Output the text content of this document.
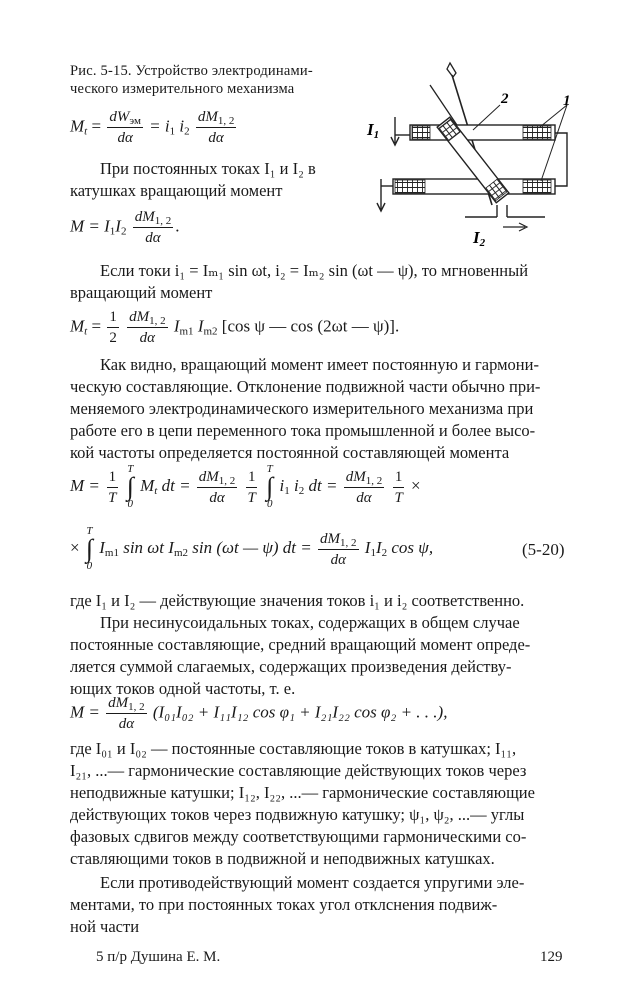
Рис. 5-15. Устройство электродинами-
ческого измерительного механизма
$M_t = \frac{dW_{эм}}{d\alpha} = i_1$ $i_2 \frac{dM_{1, 2}}{d\alpha}$
При постоянных токах I₁ и I₂ в
катушках вращающий момент
$M = I_1I_2 \frac{dM_{1, 2}}{d\alpha}$ .
Если токи i₁ = Iₘ₁ sin ωt, i₂ = Iₘ₂ sin (ωt — ψ), то мгновенный
вращающий момент
$M_t = \frac{1}{2}$
$\frac{dM_{1, 2}}{d\alpha} I_{m1}$ $I_{m2}$ [cos ψ — cos (2ωt — ψ)].
Как видно, вращающий момент имеет постоянную и гармони-
ческую составляющие. Отклонение подвижной части обычно при-
меняемого электродинамического измерительного механизма при
работе его в цепи переменного тока промышленной и более высо-
кой частоты определяется постоянной составляющей момента
$M = \frac{1}{T}$
T
∫
0
$M_t$ dt = $\frac{dM_{1, 2}}{d\alpha}$
$\frac{1}{T}$
T
∫
0
$i_1$ $i_2$ dt = $\frac{dM_{1, 2}}{d\alpha}$
$\frac{1}{T}$ ×
×
T
∫
0
$I_{m1}$ sin ωt $I_{m2}$ sin (ωt — ψ) dt = $\frac{dM_{1, 2}}{d\alpha} I_1I_2$ cos ψ,	(5-20)
где I₁ и I₂ — действующие значения токов i₁ и i₂ соответственно.
При несинусоидальных токах, содержащих в общем случае
постоянные составляющие, средний вращающий момент опреде-
ляется суммой слагаемых, содержащих произведения действу-
ющих токов одной частоты, т. е.
$M = \frac{dM_{1, 2}}{d\alpha} (I_{01}I_{02} + I_{11}I_{12}$ cos φ₁ + I₂₁I₂₂ cos φ₂ + . . .),
где I₀₁ и I₀₂ — постоянные составляющие токов в катушках; I₁₁,
I₂₁, ...— гармонические составляющие действующих токов через
неподвижные катушки; I₁₂, I₂₂, ...— гармонические составляющие
действующих токов через подвижную катушку; ψ₁, ψ₂, ...— углы
фазовых сдвигов между соответствующими гармоническими со-
ставляющими токов в подвижной и неподвижных катушках.
Если противодействующий момент создается упругими эле-
ментами, то при постоянных токах угол отклснения подвиж-
ной части
5 п/р Душина Е. М.	129
2	1
I1
I2
